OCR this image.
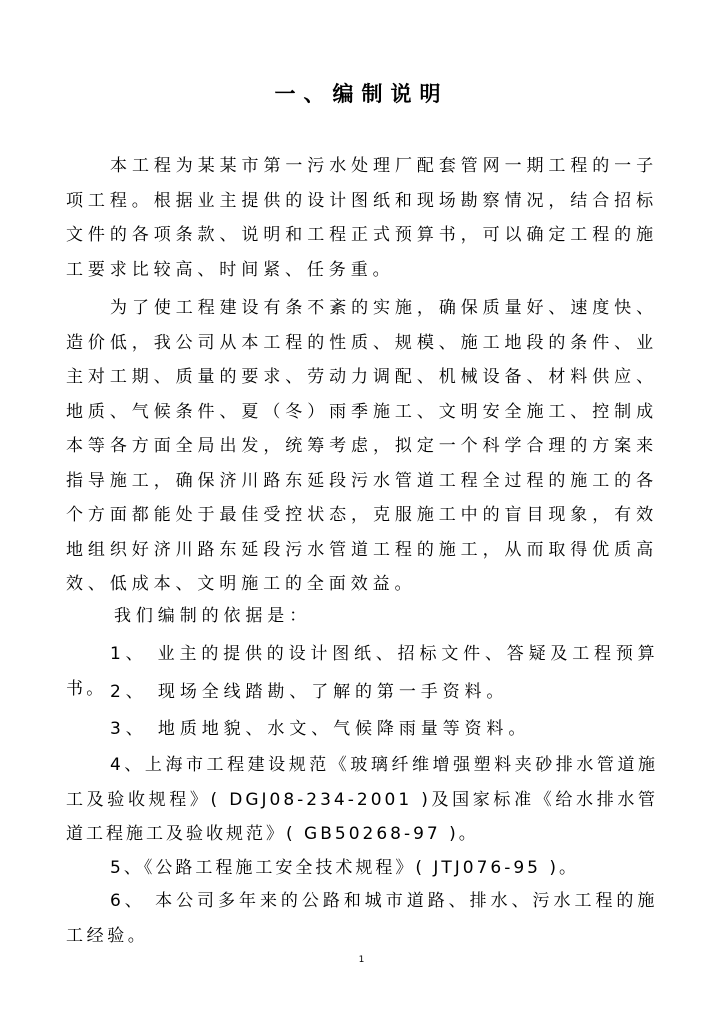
一、编制说明

本工程为某某市第一污水处理厂配套管网一期工程的一子项工程。根据业主提供的设计图纸和现场勘察情况，结合招标文件的各项条款、说明和工程正式预算书，可以确定工程的施工要求比较高、时间紧、任务重。

为了使工程建设有条不紊的实施，确保质量好、速度快、造价低，我公司从本工程的性质、规模、施工地段的条件、业主对工期、质量的要求、劳动力调配、机械设备、材料供应、地质、气候条件、夏（冬）雨季施工、文明安全施工、控制成本等各方面全局出发，统筹考虑，拟定一个科学合理的方案来指导施工，确保济川路东延段污水管道工程全过程的施工的各个方面都能处于最佳受控状态，克服施工中的盲目现象，有效地组织好济川路东延段污水管道工程的施工，从而取得优质高效、低成本、文明施工的全面效益。

我们编制的依据是：

1、 业主的提供的设计图纸、招标文件、答疑及工程预算书。 2、 现场全线踏勘、了解的第一手资料。

3、 地质地貌、水文、气候降雨量等资料。

4、上海市工程建设规范《玻璃纤维增强塑料夹砂排水管道施工及验收规程》( DGJ08-234-2001 )及国家标准《给水排水管道工程施工及验收规范》( GB50268-97 )。

5、《公路工程施工安全技术规程》( JTJ076-95 )。

6、 本公司多年来的公路和城市道路、排水、污水工程的施工经验。

1
